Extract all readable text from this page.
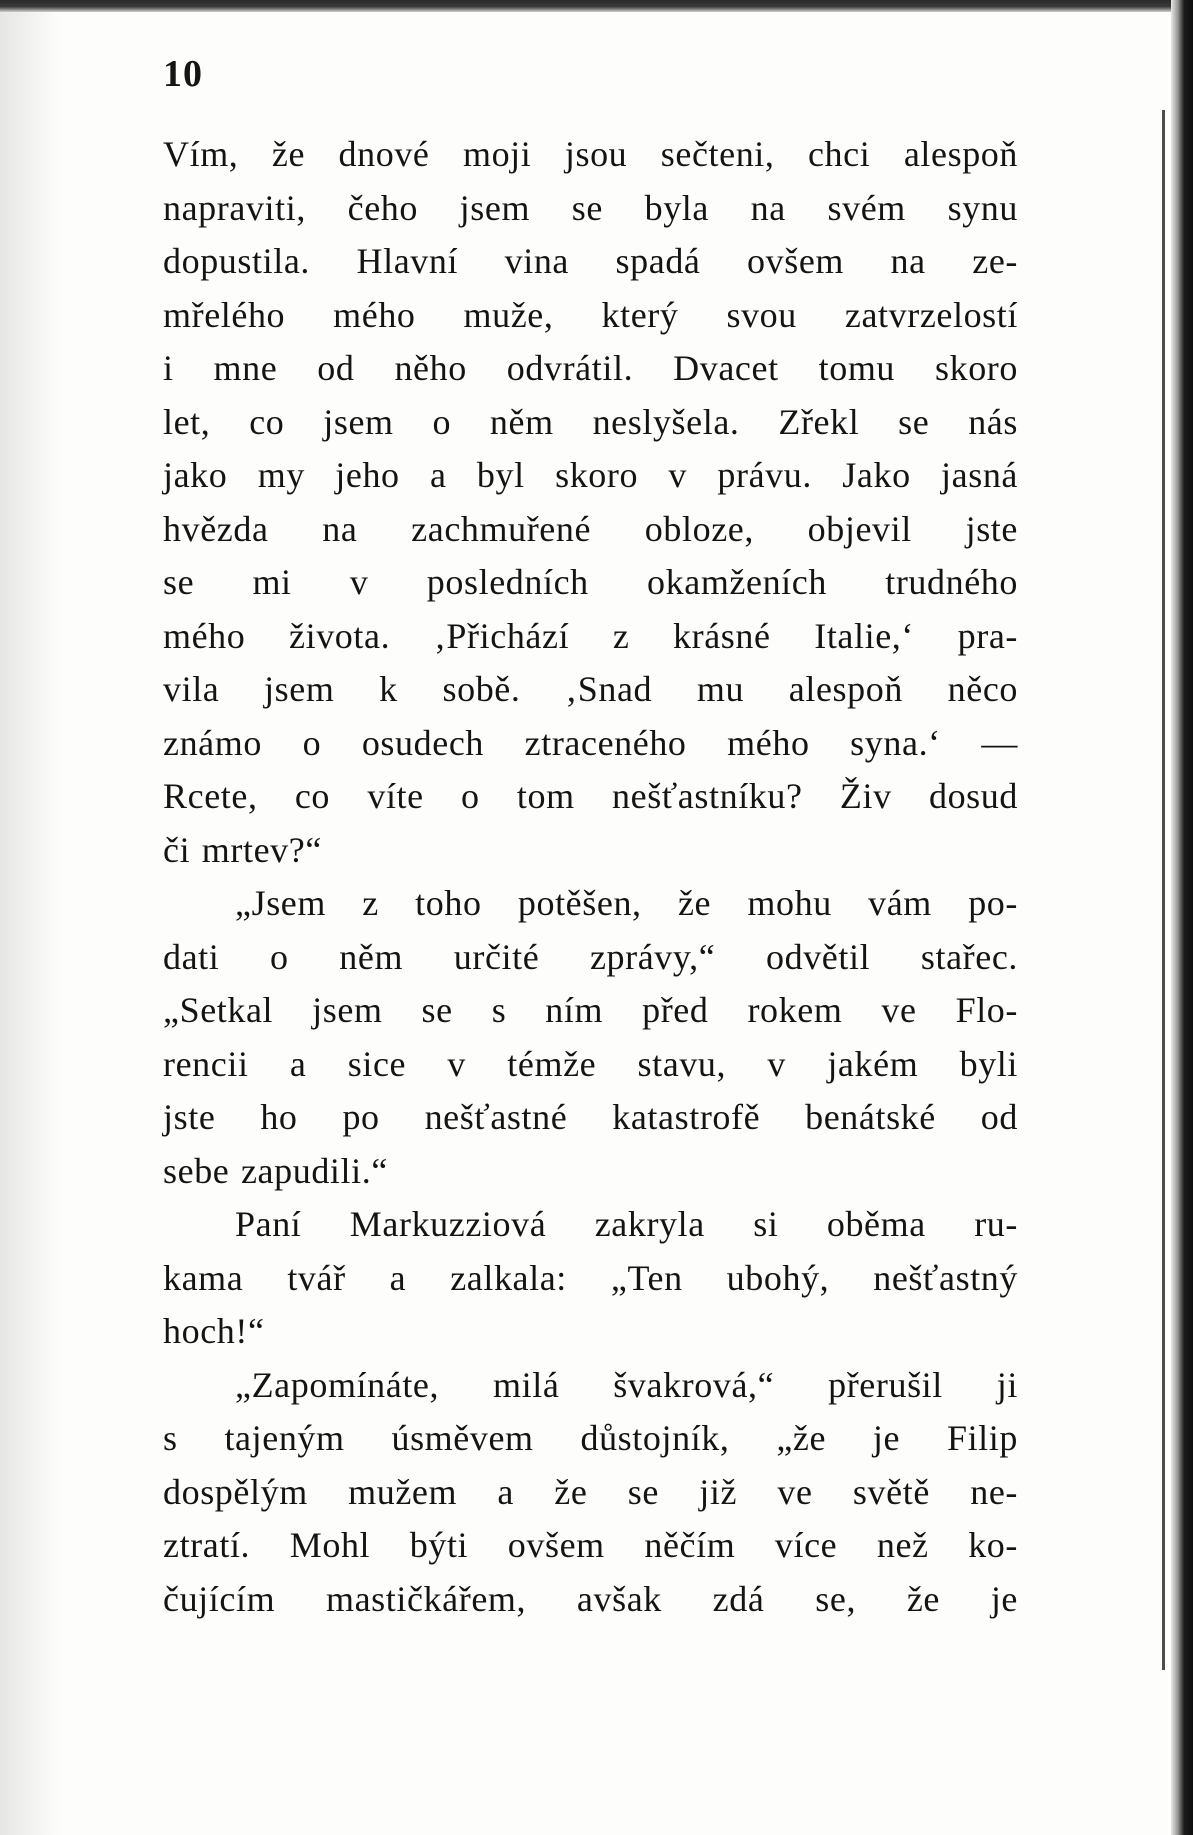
10

Vím, že dnové moji jsou sečteni, chci alespoň
napraviti, čeho jsem se byla na svém synu
dopustila. Hlavní vina spadá ovšem na ze-
mřelého mého muže, který svou zatvrzelostí
i mne od něho odvrátil. Dvacet tomu skoro
let, co jsem o něm neslyšela. Zřekl se nás
jako my jeho a byl skoro v právu. Jako jasná
hvězda na zachmuřené obloze, objevil jste
se mi v posledních okamženích trudného
mého života. ‚Přichází z krásné Italie,‘ pra-
vila jsem k sobě. ‚Snad mu alespoň něco
známo o osudech ztraceného mého syna.‘ —
Rcete, co víte o tom nešťastníku? Živ dosud
či mrtev?“

„Jsem z toho potěšen, že mohu vám po-
dati o něm určité zprávy,“ odvětil stařec.
„Setkal jsem se s ním před rokem ve Flo-
rencii a sice v témže stavu, v jakém byli
jste ho po nešťastné katastrofě benátské od
sebe zapudili.“

Paní Markuzziová zakryla si oběma ru-
kama tvář a zalkala: „Ten ubohý, nešťastný
hoch!“

„Zapomínáte, milá švakrová,“ přerušil ji
s tajeným úsměvem důstojník, „že je Filip
dospělým mužem a že se již ve světě ne-
ztratí. Mohl býti ovšem něčím více než ko-
čujícím mastičkářem, avšak zdá se, že je
